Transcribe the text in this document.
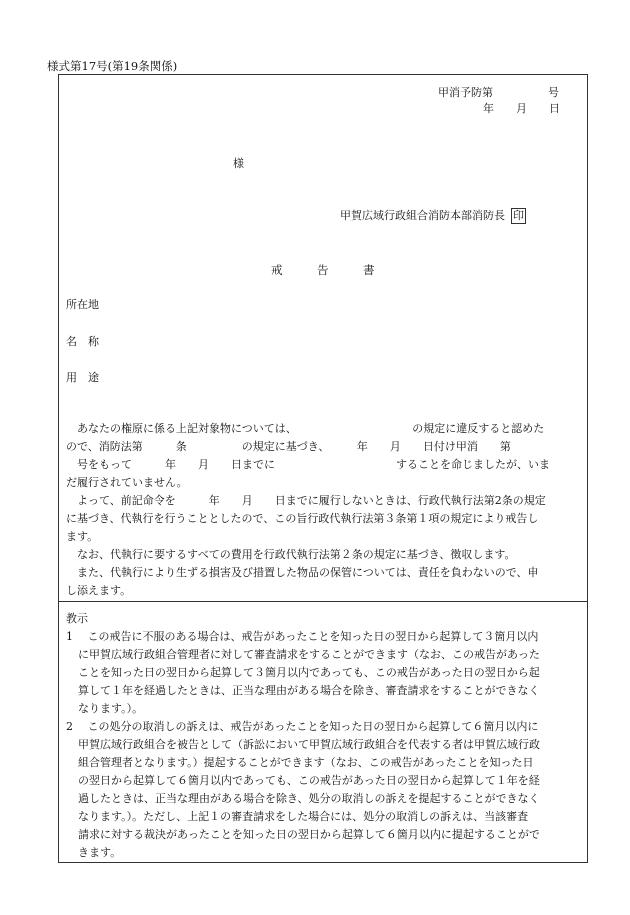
様式第17号(第19条関係)
甲消予防第　　　　　号
年　　月　　日
様
甲賀広域行政組合消防本部消防長 印
戒　　　告　　　書
所在地
名　称
用　途
　あなたの権原に係る上記対象物については、　　　　　　　　　　　の規定に違反すると認めた
ので、消防法第　　　条　　　　　の規定に基づき、　　　年　　月　　日付け甲消　　第
　号をもって　　　年　　月　　日までに　　　　　　　　　　　することを命じましたが、いま
だ履行されていません。
　よって、前記命令を　　　年　　月　　日までに履行しないときは、行政代執行法第2条の規定
に基づき、代執行を行うこととしたので、この旨行政代執行法第３条第１項の規定により戒告し
ます。
　なお、代執行に要するすべての費用を行政代執行法第２条の規定に基づき、徴収します。
　また、代執行により生ずる損害及び措置した物品の保管については、責任を負わないので、申
し添えます。
教示
1　 この戒告に不服のある場合は、戒告があったことを知った日の翌日から起算して３箇月以内
に甲賀広域行政組合管理者に対して審査請求をすることができます（なお、この戒告があった
ことを知った日の翌日から起算して３箇月以内であっても、この戒告があった日の翌日から起
算して１年を経過したときは、正当な理由がある場合を除き、審査請求をすることができなく
なります。）。
2　 この処分の取消しの訴えは、戒告があったことを知った日の翌日から起算して６箇月以内に
甲賀広域行政組合を被告として（訴訟において甲賀広域行政組合を代表する者は甲賀広域行政
組合管理者となります。）提起することができます（なお、この戒告があったことを知った日
の翌日から起算して６箇月以内であっても、この戒告があった日の翌日から起算して１年を経
過したときは、正当な理由がある場合を除き、処分の取消しの訴えを提起することができなく
なります。）。ただし、上記１の審査請求をした場合には、処分の取消しの訴えは、当該審査
請求に対する裁決があったことを知った日の翌日から起算して６箇月以内に提起することがで
きます。
